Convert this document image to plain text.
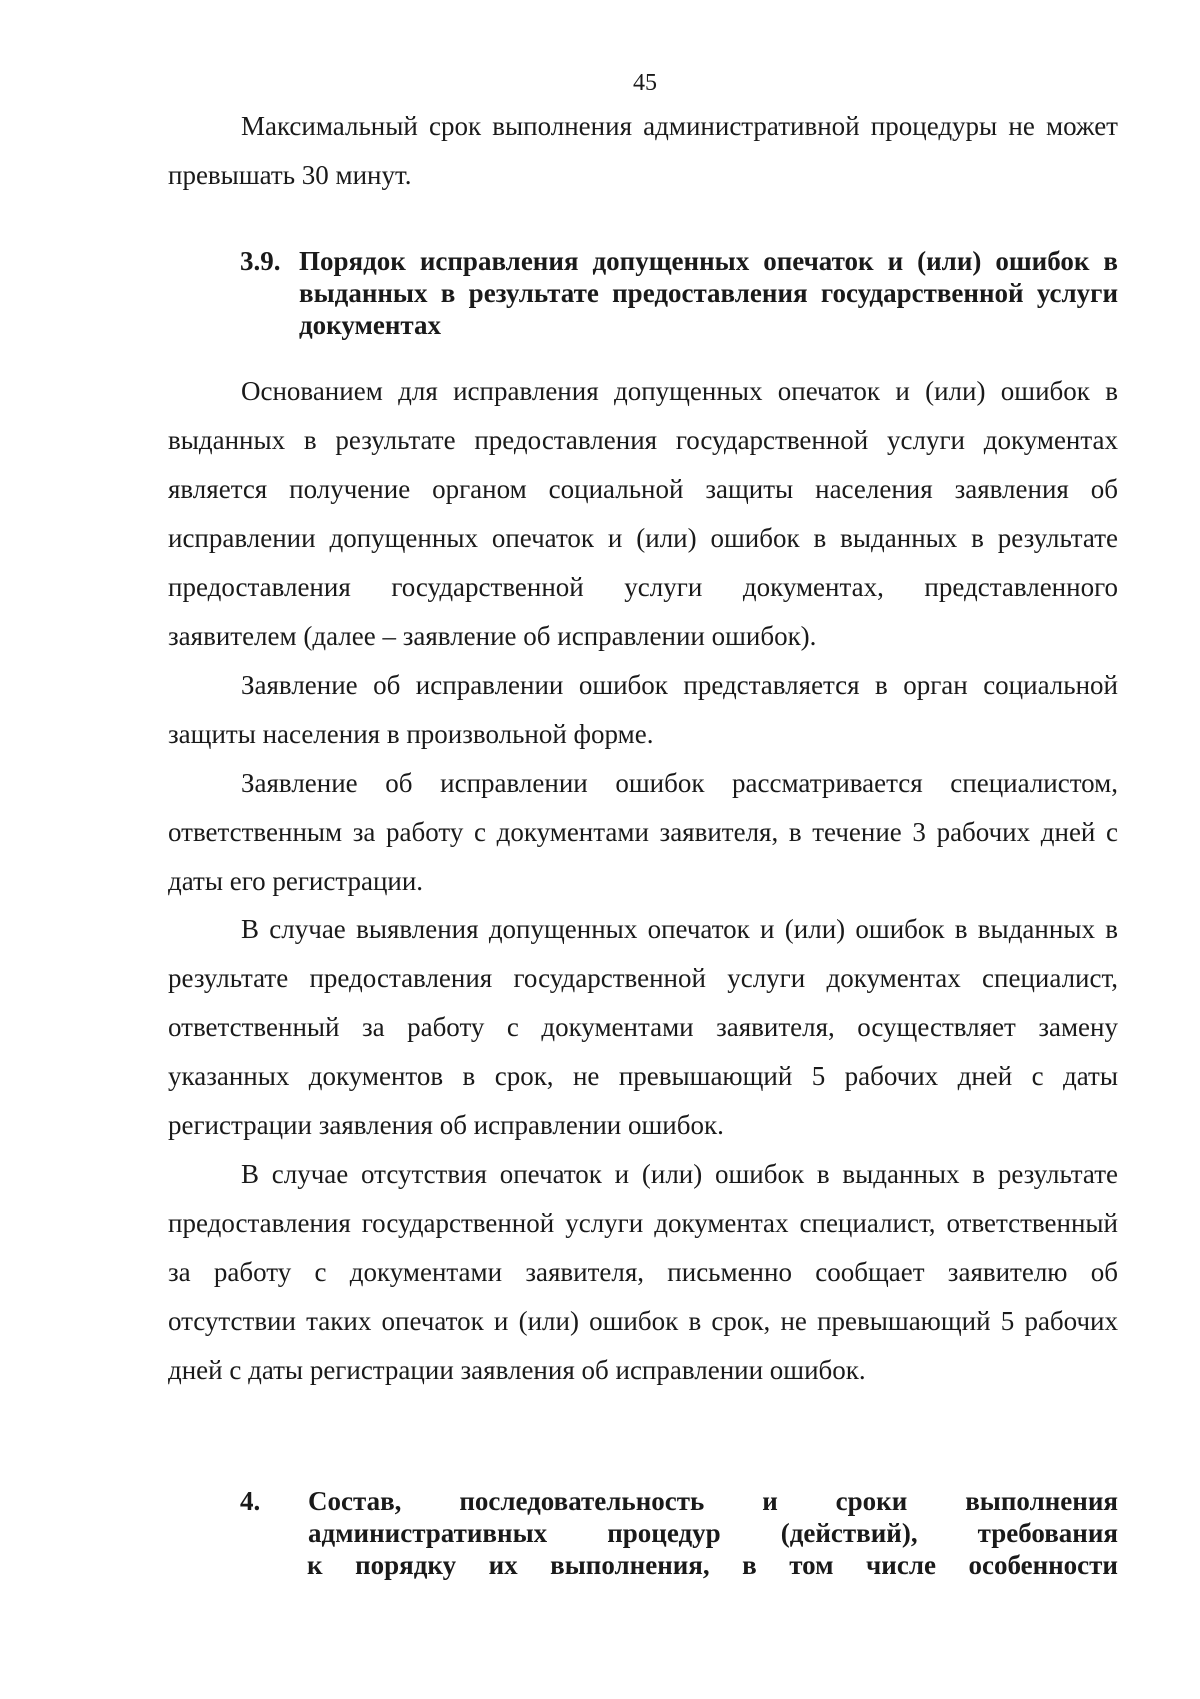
45

Максимальный срок выполнения административной процедуры не может превышать 30 минут.

3.9. Порядок исправления допущенных опечаток и (или) ошибок в выданных в результате предоставления государственной услуги документах

Основанием для исправления допущенных опечаток и (или) ошибок в выданных в результате предоставления государственной услуги документах является получение органом социальной защиты населения заявления об исправлении допущенных опечаток и (или) ошибок в выданных в результате предоставления государственной услуги документах, представленного заявителем (далее – заявление об исправлении ошибок).

Заявление об исправлении ошибок представляется в орган социальной защиты населения в произвольной форме.

Заявление об исправлении ошибок рассматривается специалистом, ответственным за работу с документами заявителя, в течение 3 рабочих дней с даты его регистрации.

В случае выявления допущенных опечаток и (или) ошибок в выданных в результате предоставления государственной услуги документах специалист, ответственный за работу с документами заявителя, осуществляет замену указанных документов в срок, не превышающий 5 рабочих дней с даты регистрации заявления об исправлении ошибок.

В случае отсутствия опечаток и (или) ошибок в выданных в результате предоставления государственной услуги документах специалист, ответственный за работу с документами заявителя, письменно сообщает заявителю об отсутствии таких опечаток и (или) ошибок в срок, не превышающий 5 рабочих дней с даты регистрации заявления об исправлении ошибок.

4. Состав, последовательность и сроки выполнения
административных процедур (действий), требования
к порядку их выполнения, в том числе особенности
